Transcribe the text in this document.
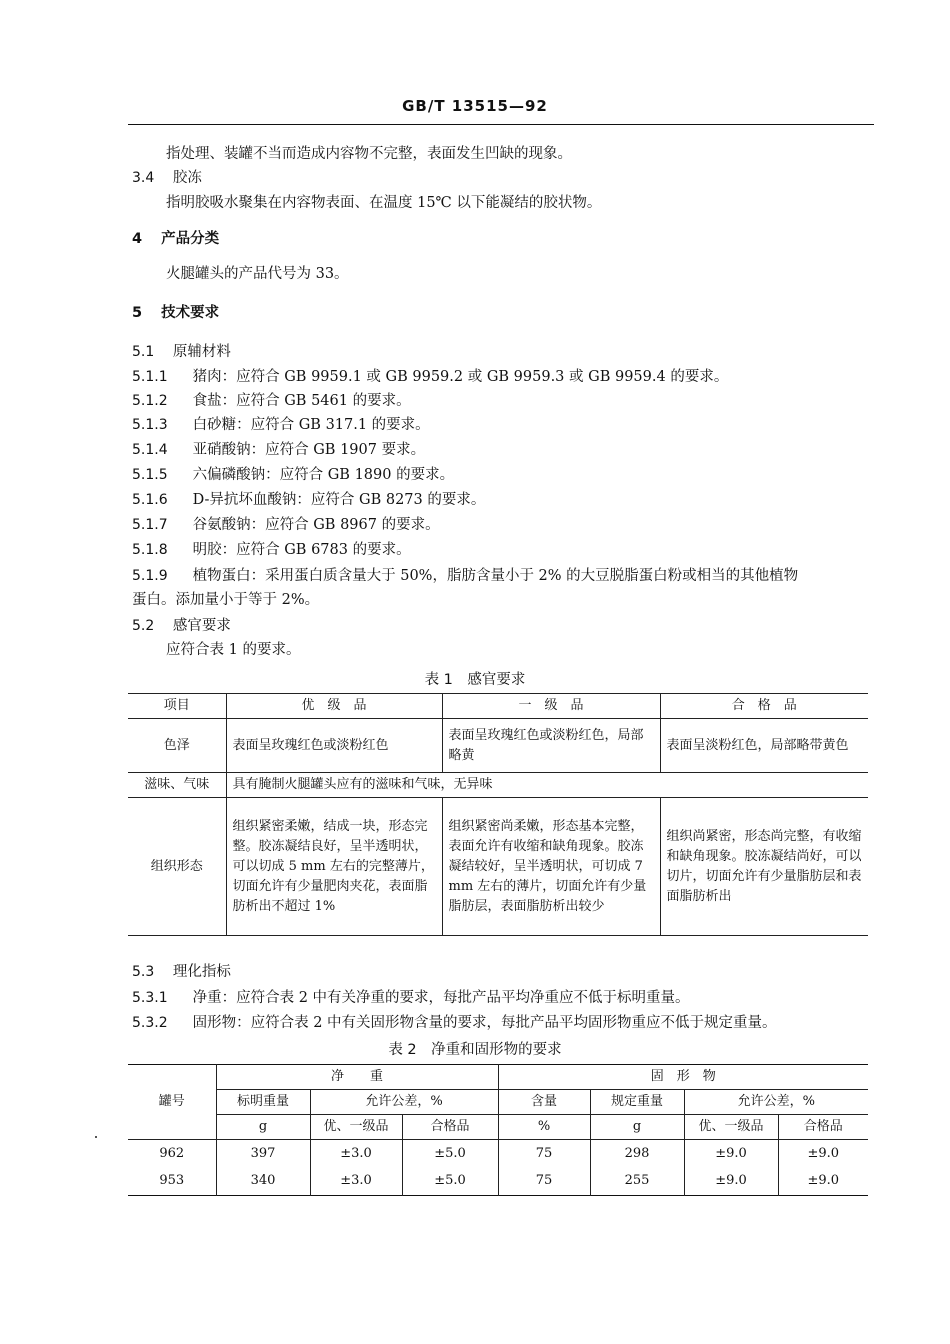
GB/T 13515—92
指处理、装罐不当而造成内容物不完整，表面发生凹缺的现象。
3.4 胶冻
指明胶吸水聚集在内容物表面、在温度 15℃ 以下能凝结的胶状物。
4 产品分类
火腿罐头的产品代号为 33。
5 技术要求
5.1 原辅材料
5.1.1 猪肉：应符合 GB 9959.1 或 GB 9959.2 或 GB 9959.3 或 GB 9959.4 的要求。
5.1.2 食盐：应符合 GB 5461 的要求。
5.1.3 白砂糖：应符合 GB 317.1 的要求。
5.1.4 亚硝酸钠：应符合 GB 1907 要求。
5.1.5 六偏磷酸钠：应符合 GB 1890 的要求。
5.1.6 D-异抗坏血酸钠：应符合 GB 8273 的要求。
5.1.7 谷氨酸钠：应符合 GB 8967 的要求。
5.1.8 明胶：应符合 GB 6783 的要求。
5.1.9 植物蛋白：采用蛋白质含量大于 50%，脂肪含量小于 2% 的大豆脱脂蛋白粉或相当的其他植物
蛋白。添加量小于等于 2%。
5.2 感官要求
应符合表 1 的要求。
表 1　感官要求
项目	优　级　品	一　级　品	合　格　品
色泽	表面呈玫瑰红色或淡粉红色	表面呈玫瑰红色或淡粉红色，局部略黄	表面呈淡粉红色，局部略带黄色
滋味、气味	具有腌制火腿罐头应有的滋味和气味，无异味		
组织形态	组织紧密柔嫩，结成一块，形态完整。胶冻凝结良好，呈半透明状，可以切成 5 mm 左右的完整薄片，切面允许有少量肥肉夹花，表面脂肪析出不超过 1%	组织紧密尚柔嫩，形态基本完整，表面允许有收缩和缺角现象。胶冻凝结较好，呈半透明状，可切成 7 mm 左右的薄片，切面允许有少量脂肪层，表面脂肪析出较少	组织尚紧密，形态尚完整，有收缩和缺角现象。胶冻凝结尚好，可以切片，切面允许有少量脂肪层和表面脂肪析出
5.3 理化指标
5.3.1 净重：应符合表 2 中有关净重的要求，每批产品平均净重应不低于标明重量。
5.3.2 固形物：应符合表 2 中有关固形物含量的要求，每批产品平均固形物重应不低于规定重量。
表 2　净重和固形物的要求
罐号	净　　重			固　形　物			
	标明重量	允许公差，%		含量	规定重量	允许公差，%	
	g	优、一级品	合格品	%	g	优、一级品	合格品
962	397	±3.0	±5.0	75	298	±9.0	±9.0
953	340	±3.0	±5.0	75	255	±9.0	±9.0
